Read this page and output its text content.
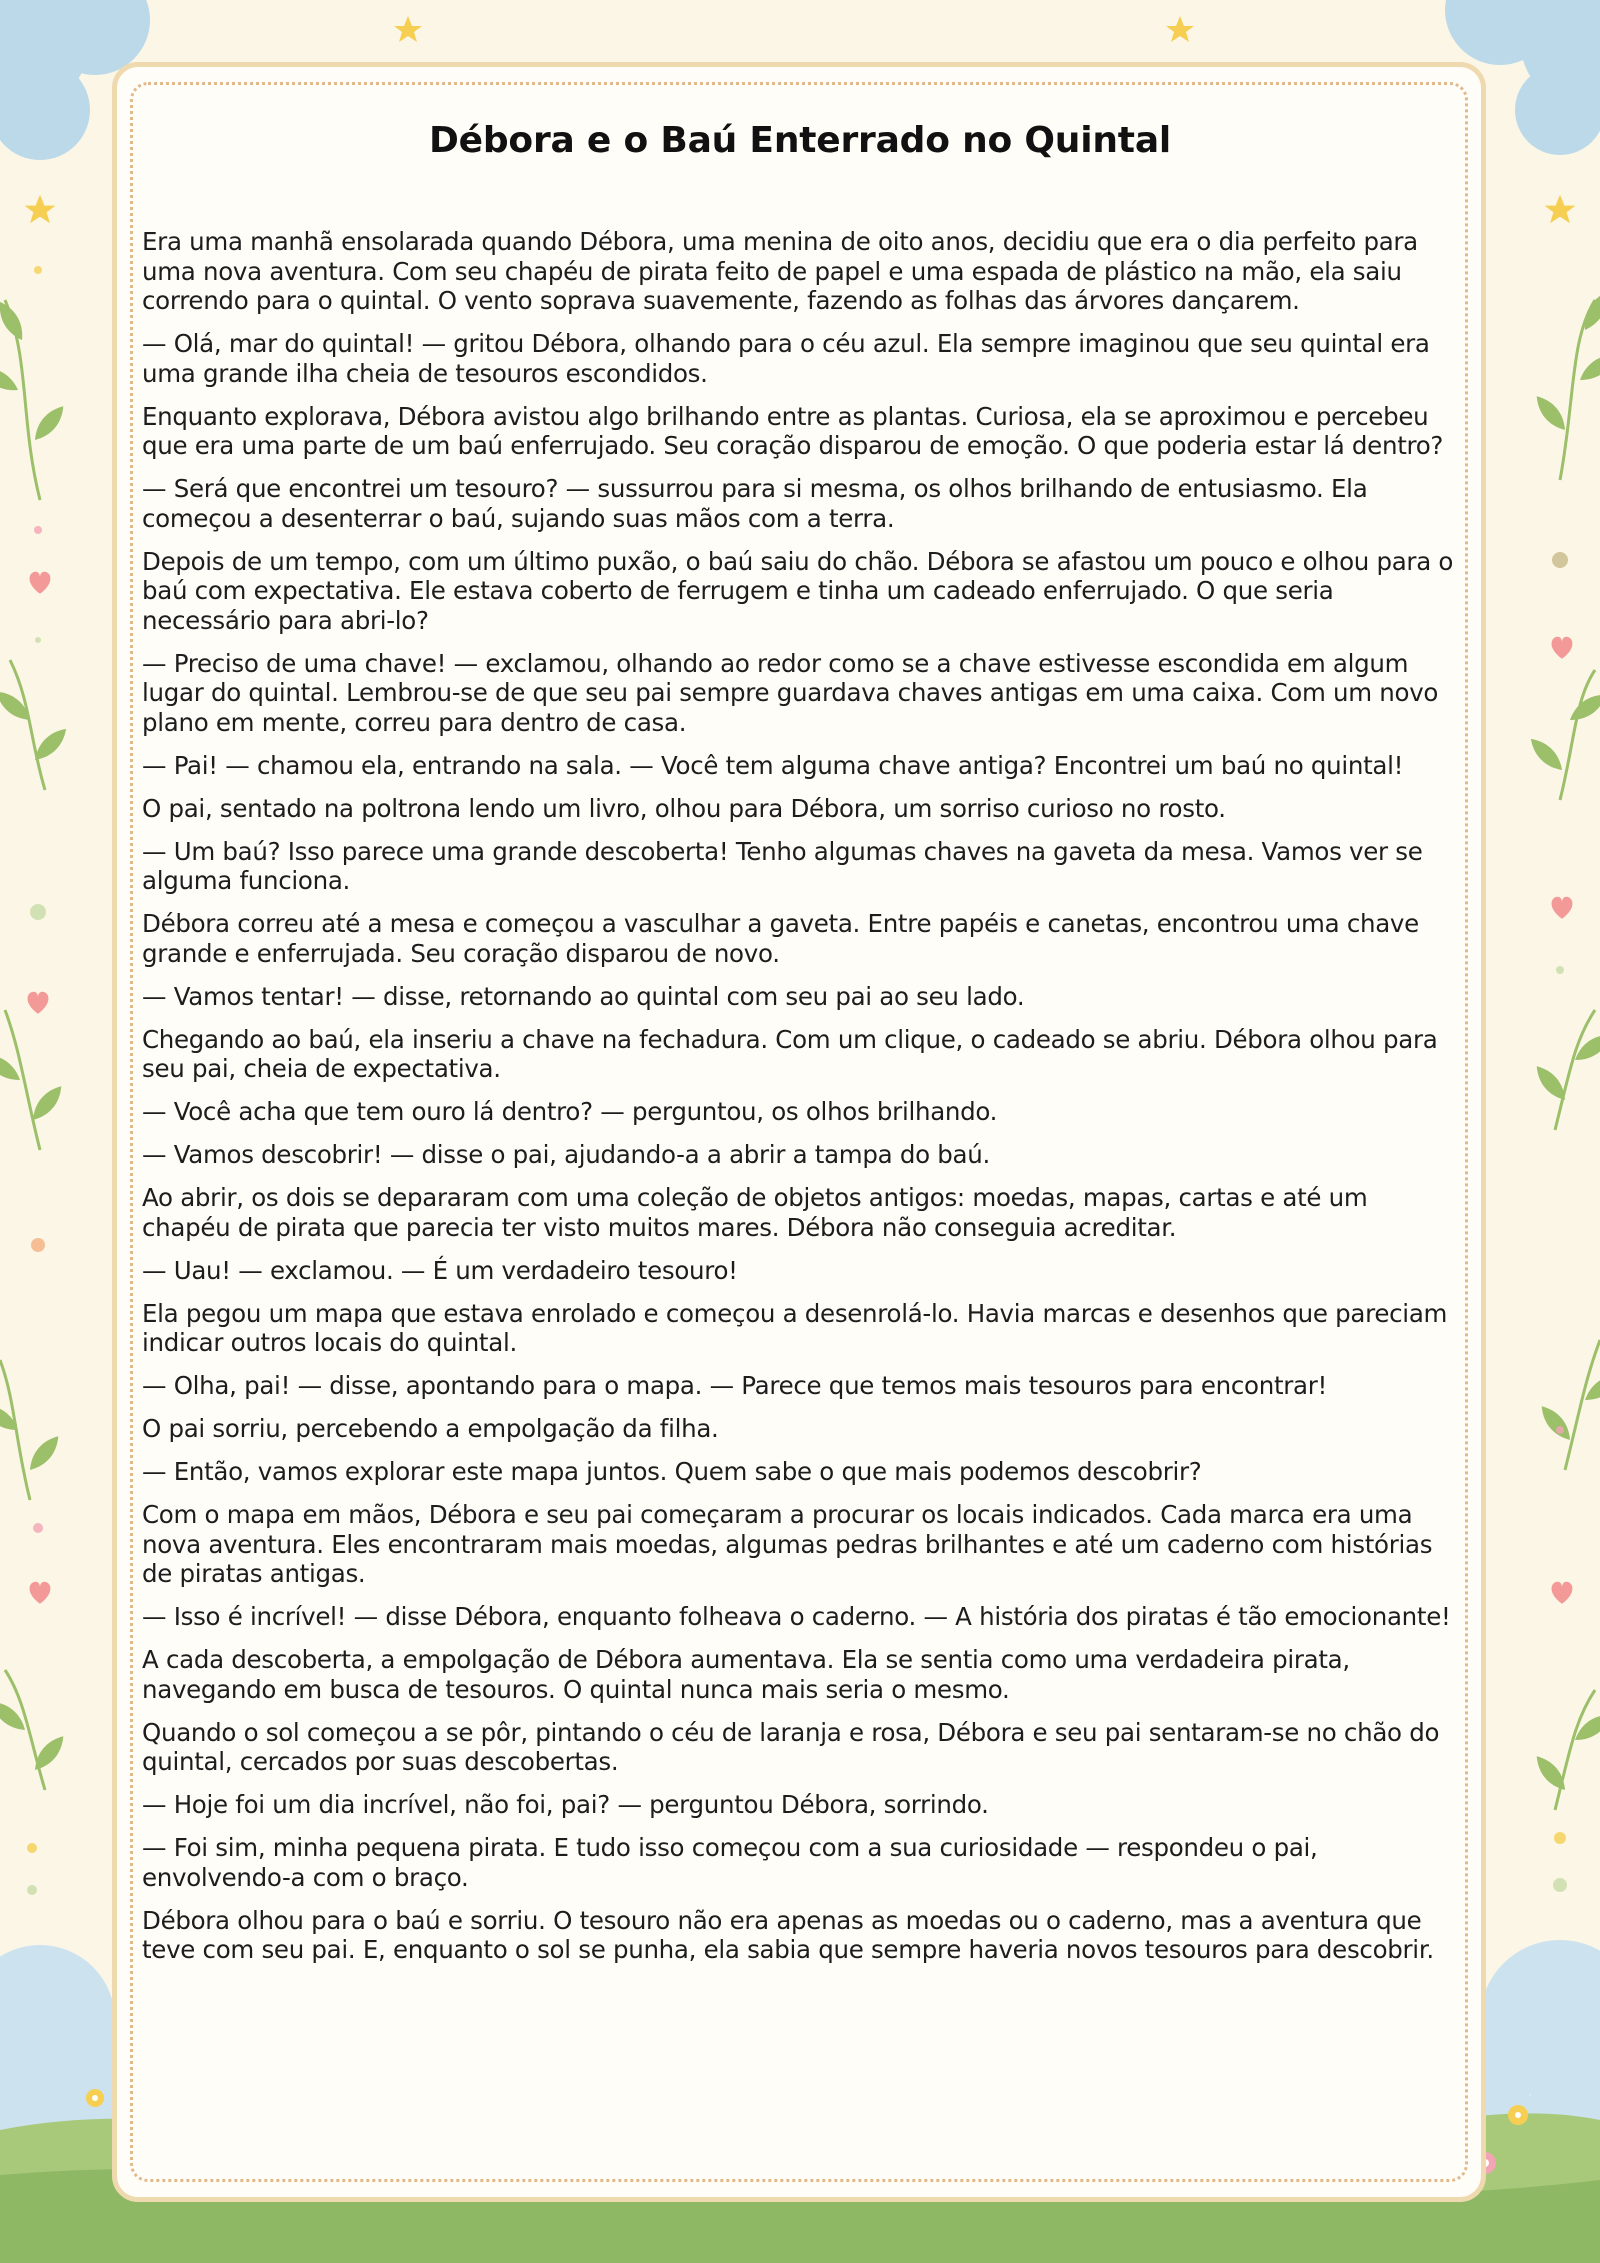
Débora e o Baú Enterrado no Quintal

Era uma manhã ensolarada quando Débora, uma menina de oito anos, decidiu que era o dia perfeito para uma nova aventura. Com seu chapéu de pirata feito de papel e uma espada de plástico na mão, ela saiu correndo para o quintal. O vento soprava suavemente, fazendo as folhas das árvores dançarem.

— Olá, mar do quintal! — gritou Débora, olhando para o céu azul. Ela sempre imaginou que seu quintal era uma grande ilha cheia de tesouros escondidos.

Enquanto explorava, Débora avistou algo brilhando entre as plantas. Curiosa, ela se aproximou e percebeu que era uma parte de um baú enferrujado. Seu coração disparou de emoção. O que poderia estar lá dentro?

— Será que encontrei um tesouro? — sussurrou para si mesma, os olhos brilhando de entusiasmo. Ela começou a desenterrar o baú, sujando suas mãos com a terra.

Depois de um tempo, com um último puxão, o baú saiu do chão. Débora se afastou um pouco e olhou para o baú com expectativa. Ele estava coberto de ferrugem e tinha um cadeado enferrujado. O que seria necessário para abri-lo?

— Preciso de uma chave! — exclamou, olhando ao redor como se a chave estivesse escondida em algum lugar do quintal. Lembrou-se de que seu pai sempre guardava chaves antigas em uma caixa. Com um novo plano em mente, correu para dentro de casa.

— Pai! — chamou ela, entrando na sala. — Você tem alguma chave antiga? Encontrei um baú no quintal!

O pai, sentado na poltrona lendo um livro, olhou para Débora, um sorriso curioso no rosto.

— Um baú? Isso parece uma grande descoberta! Tenho algumas chaves na gaveta da mesa. Vamos ver se alguma funciona.

Débora correu até a mesa e começou a vasculhar a gaveta. Entre papéis e canetas, encontrou uma chave grande e enferrujada. Seu coração disparou de novo.

— Vamos tentar! — disse, retornando ao quintal com seu pai ao seu lado.

Chegando ao baú, ela inseriu a chave na fechadura. Com um clique, o cadeado se abriu. Débora olhou para seu pai, cheia de expectativa.

— Você acha que tem ouro lá dentro? — perguntou, os olhos brilhando.

— Vamos descobrir! — disse o pai, ajudando-a a abrir a tampa do baú.

Ao abrir, os dois se depararam com uma coleção de objetos antigos: moedas, mapas, cartas e até um chapéu de pirata que parecia ter visto muitos mares. Débora não conseguia acreditar.

— Uau! — exclamou. — É um verdadeiro tesouro!

Ela pegou um mapa que estava enrolado e começou a desenrolá-lo. Havia marcas e desenhos que pareciam indicar outros locais do quintal.

— Olha, pai! — disse, apontando para o mapa. — Parece que temos mais tesouros para encontrar!

O pai sorriu, percebendo a empolgação da filha.

— Então, vamos explorar este mapa juntos. Quem sabe o que mais podemos descobrir?

Com o mapa em mãos, Débora e seu pai começaram a procurar os locais indicados. Cada marca era uma nova aventura. Eles encontraram mais moedas, algumas pedras brilhantes e até um caderno com histórias de piratas antigas.

— Isso é incrível! — disse Débora, enquanto folheava o caderno. — A história dos piratas é tão emocionante!

A cada descoberta, a empolgação de Débora aumentava. Ela se sentia como uma verdadeira pirata, navegando em busca de tesouros. O quintal nunca mais seria o mesmo.

Quando o sol começou a se pôr, pintando o céu de laranja e rosa, Débora e seu pai sentaram-se no chão do quintal, cercados por suas descobertas.

— Hoje foi um dia incrível, não foi, pai? — perguntou Débora, sorrindo.

— Foi sim, minha pequena pirata. E tudo isso começou com a sua curiosidade — respondeu o pai, envolvendo-a com o braço.

Débora olhou para o baú e sorriu. O tesouro não era apenas as moedas ou o caderno, mas a aventura que teve com seu pai. E, enquanto o sol se punha, ela sabia que sempre haveria novos tesouros para descobrir.
